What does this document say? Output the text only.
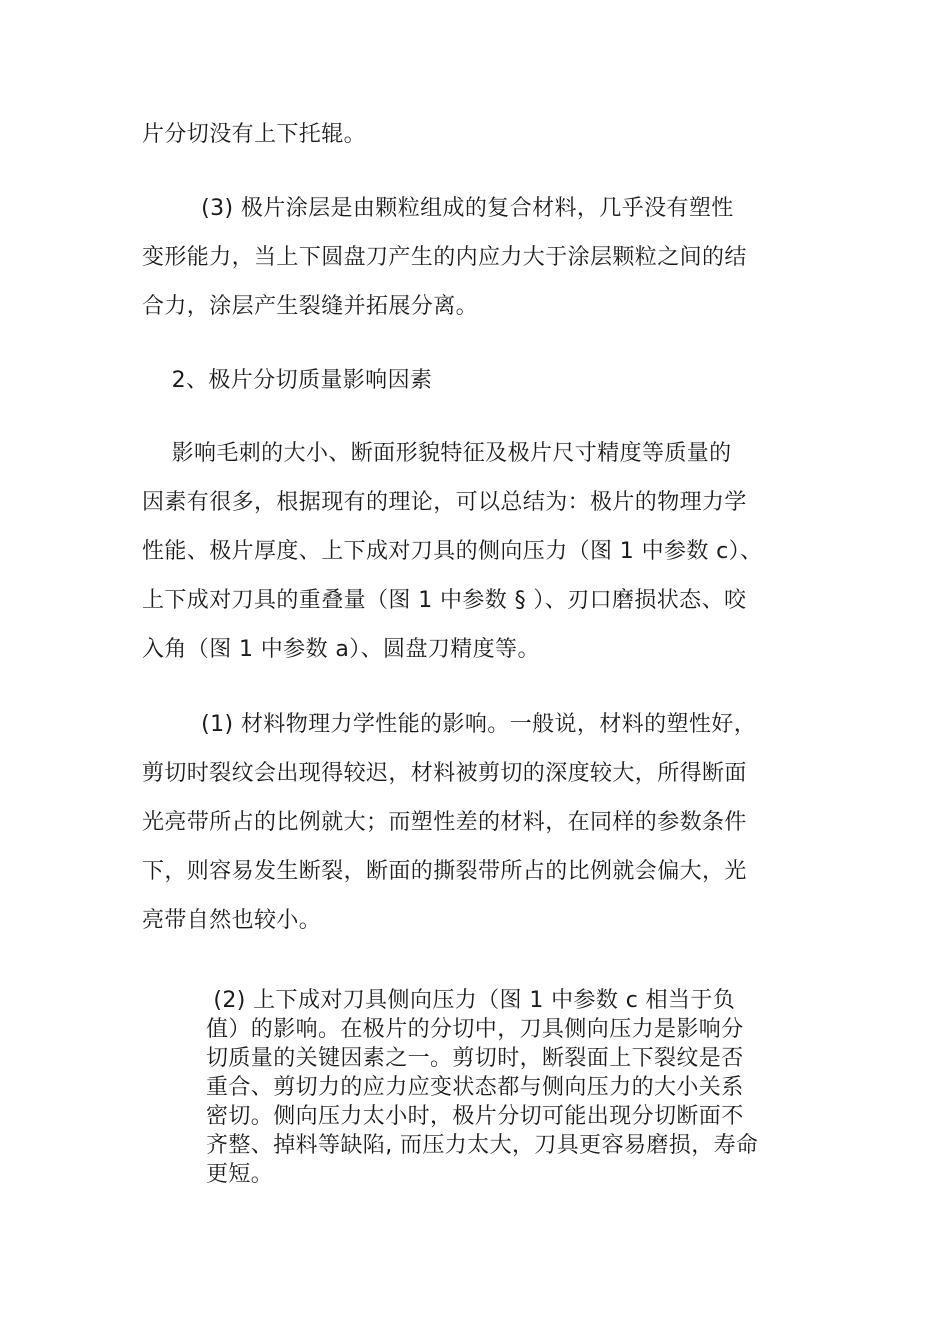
片分切没有上下托辊。

(3) 极片涂层是由颗粒组成的复合材料，几乎没有塑性
变形能力，当上下圆盘刀产生的内应力大于涂层颗粒之间的结
合力，涂层产生裂缝并拓展分离。

2、极片分切质量影响因素

影响毛刺的大小、断面形貌特征及极片尺寸精度等质量的
因素有很多，根据现有的理论，可以总结为：极片的物理力学
性能、极片厚度、上下成对刀具的侧向压力（图 1 中参数 c）、
上下成对刀具的重叠量（图 1 中参数 § ）、刃口磨损状态、咬
入角（图 1 中参数 a）、圆盘刀精度等。

(1) 材料物理力学性能的影响。一般说，材料的塑性好，
剪切时裂纹会出现得较迟，材料被剪切的深度较大，所得断面
光亮带所占的比例就大；而塑性差的材料，在同样的参数条件
下，则容易发生断裂，断面的撕裂带所占的比例就会偏大，光
亮带自然也较小。

(2) 上下成对刀具侧向压力（图 1 中参数 c 相当于负
值）的影响。在极片的分切中，刀具侧向压力是影响分
切质量的关键因素之一。剪切时，断裂面上下裂纹是否
重合、剪切力的应力应变状态都与侧向压力的大小关系
密切。侧向压力太小时，极片分切可能出现分切断面不
齐整、掉料等缺陷, 而压力太大，刀具更容易磨损，寿命
更短。
